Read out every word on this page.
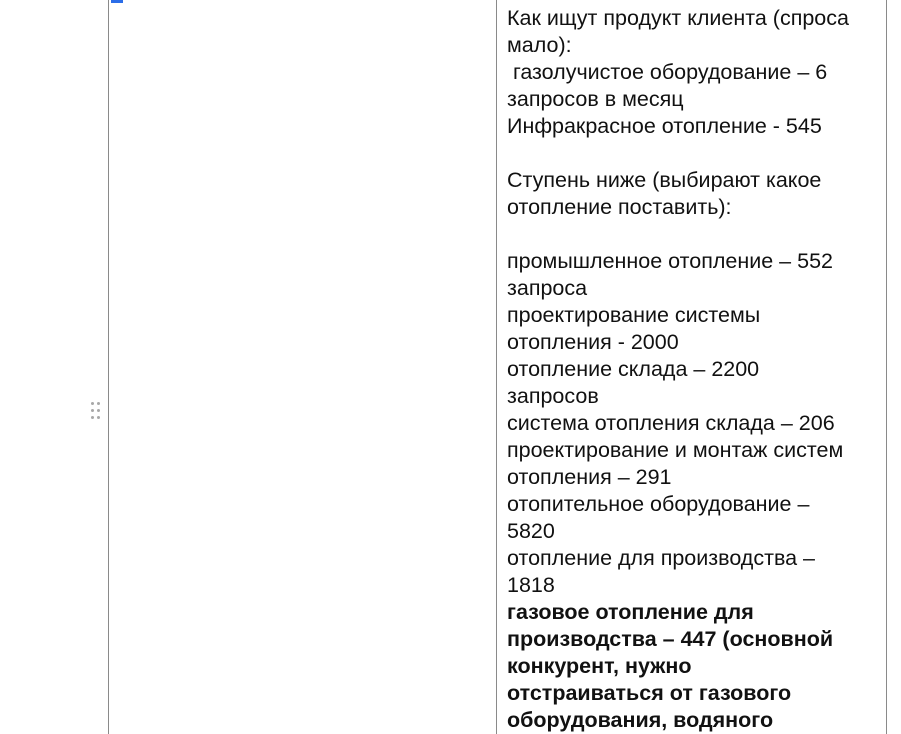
Как ищут продукт клиента (спроса
мало):
газолучистое оборудование – 6
запросов в месяц
Инфракрасное отопление - 545
Ступень ниже (выбирают какое
отопление поставить):
промышленное отопление – 552
запроса
проектирование системы
отопления - 2000
отопление склада – 2200
запросов
система отопления склада – 206
проектирование и монтаж систем
отопления – 291
отопительное оборудование –
5820
отопление для производства –
1818
газовое отопление для
производства – 447 (основной
конкурент, нужно
отстраиваться от газового
оборудования, водяного
